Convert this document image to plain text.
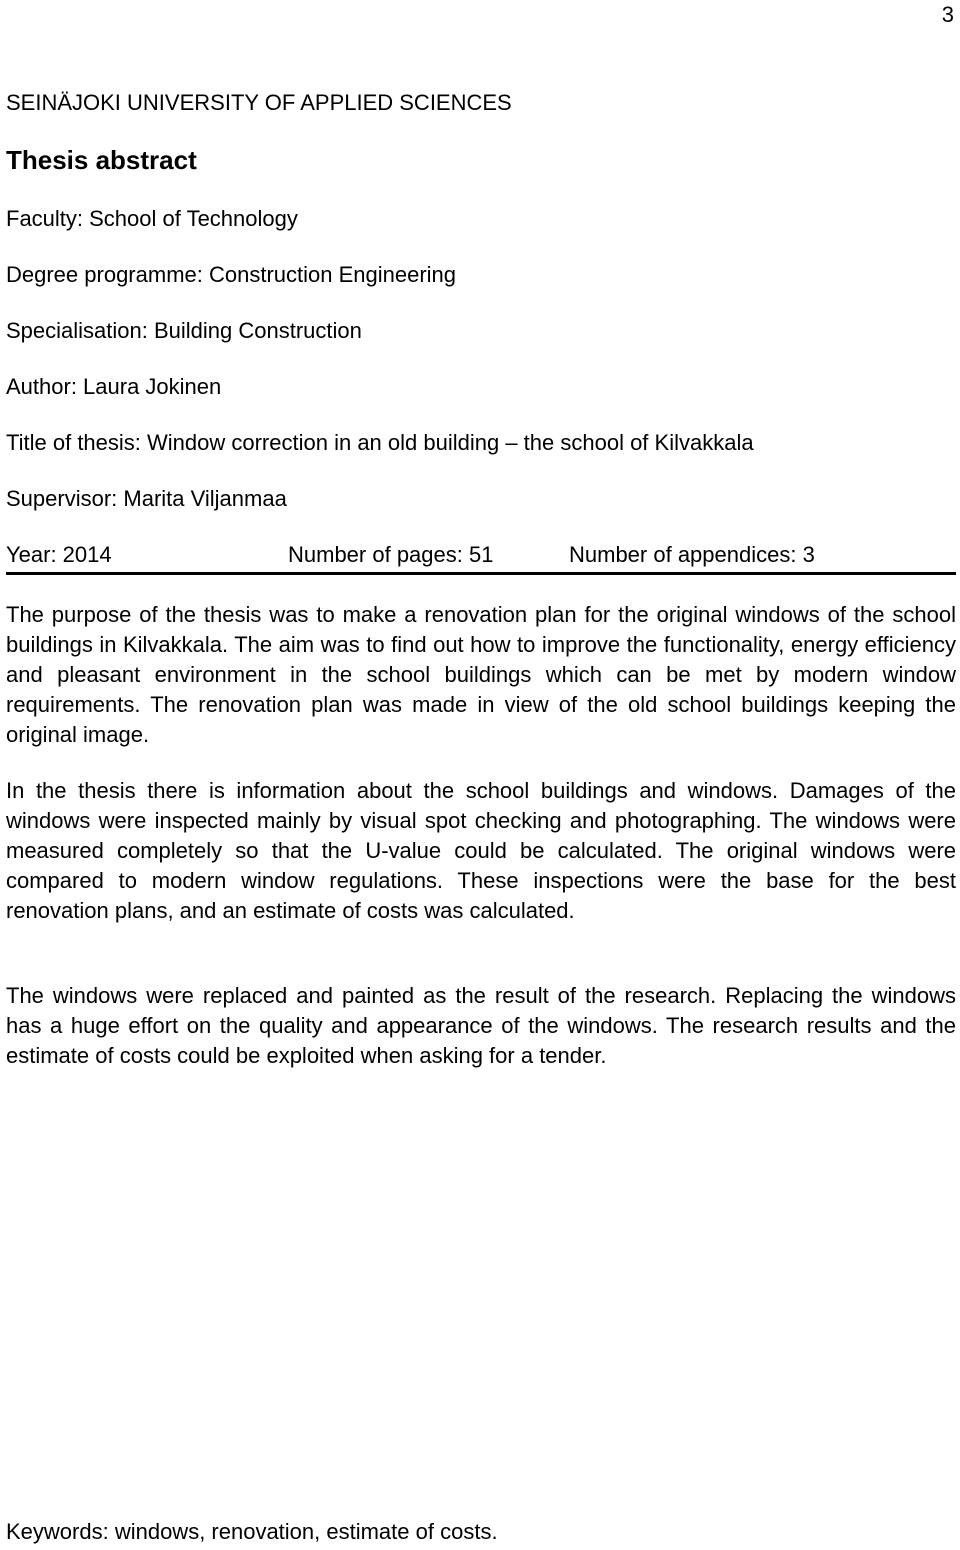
3
SEINÄJOKI UNIVERSITY OF APPLIED SCIENCES
Thesis abstract
Faculty: School of Technology
Degree programme: Construction Engineering
Specialisation: Building Construction
Author: Laura Jokinen
Title of thesis: Window correction in an old building – the school of Kilvakkala
Supervisor: Marita Viljanmaa
Year: 2014	Number of pages: 51	Number of appendices: 3

The purpose of the thesis was to make a renovation plan for the original windows of the school buildings in Kilvakkala. The aim was to find out how to improve the functionality, energy efficiency and pleasant environment in the school buildings which can be met by modern window requirements. The renovation plan was made in view of the old school buildings keeping the original image.

In the thesis there is information about the school buildings and windows. Damages of the windows were inspected mainly by visual spot checking and photographing. The windows were measured completely so that the U-value could be calculated. The original windows were compared to modern window regulations. These inspections were the base for the best renovation plans, and an estimate of costs was calculated.

The windows were replaced and painted as the result of the research. Replacing the windows has a huge effort on the quality and appearance of the windows. The research results and the estimate of costs could be exploited when asking for a tender.

Keywords: windows, renovation, estimate of costs.
